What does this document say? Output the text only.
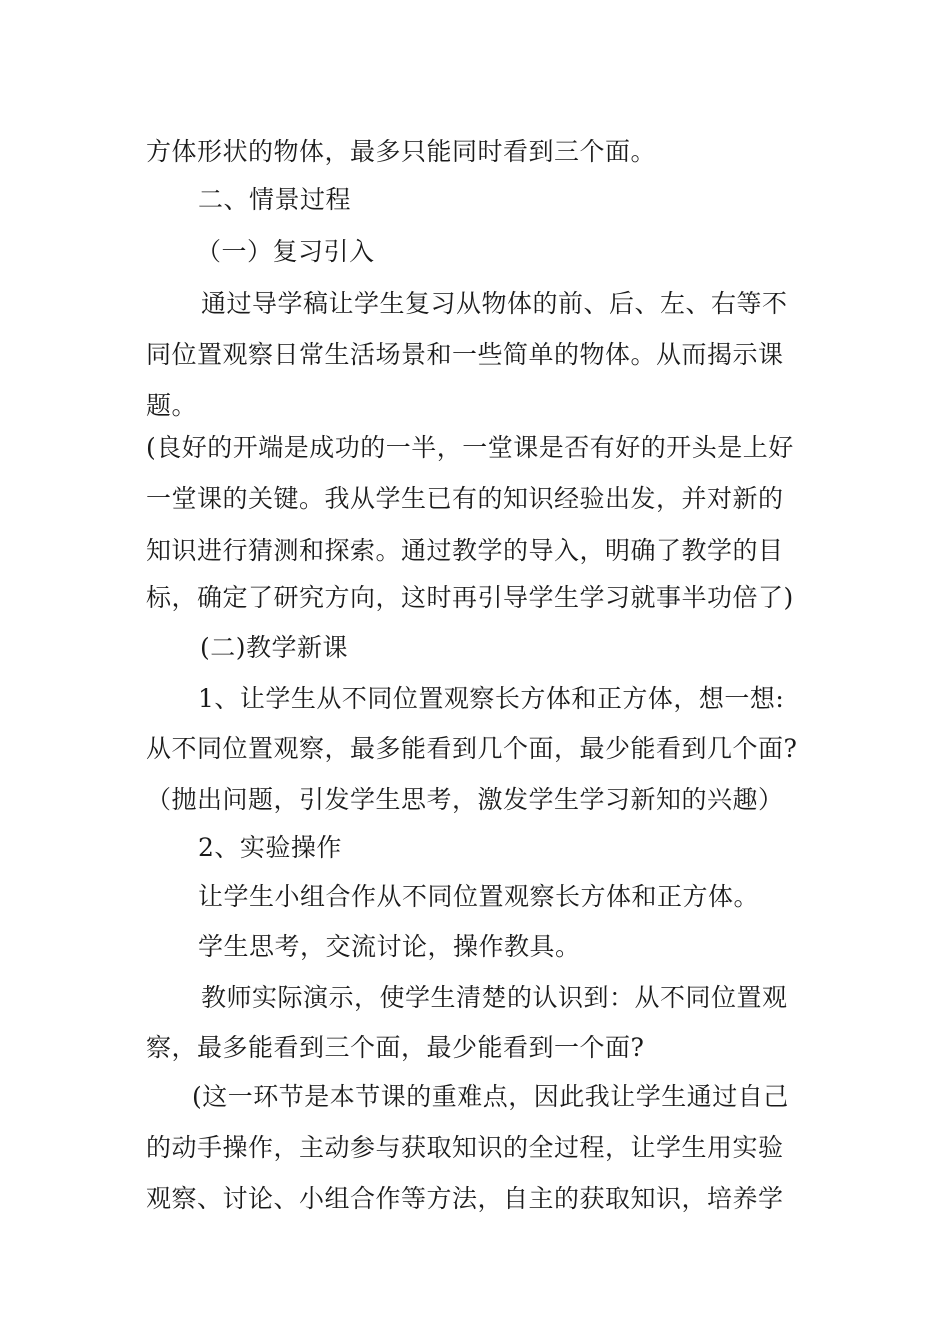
方体形状的物体，最多只能同时看到三个面。
二、情景过程
（一）复习引入
通过导学稿让学生复习从物体的前、后、左、右等不
同位置观察日常生活场景和一些简单的物体。从而揭示课
题。
(良好的开端是成功的一半，一堂课是否有好的开头是上好
一堂课的关键。我从学生已有的知识经验出发，并对新的
知识进行猜测和探索。通过教学的导入，明确了教学的目
标，确定了研究方向，这时再引导学生学习就事半功倍了)
(二)教学新课
1、让学生从不同位置观察长方体和正方体，想一想:
从不同位置观察，最多能看到几个面，最少能看到几个面?
（抛出问题，引发学生思考，激发学生学习新知的兴趣）
2、实验操作
让学生小组合作从不同位置观察长方体和正方体。
学生思考，交流讨论，操作教具。
教师实际演示，使学生清楚的认识到：从不同位置观
察，最多能看到三个面，最少能看到一个面?
(这一环节是本节课的重难点，因此我让学生通过自己
的动手操作，主动参与获取知识的全过程，让学生用实验
观察、讨论、小组合作等方法，自主的获取知识，培养学
